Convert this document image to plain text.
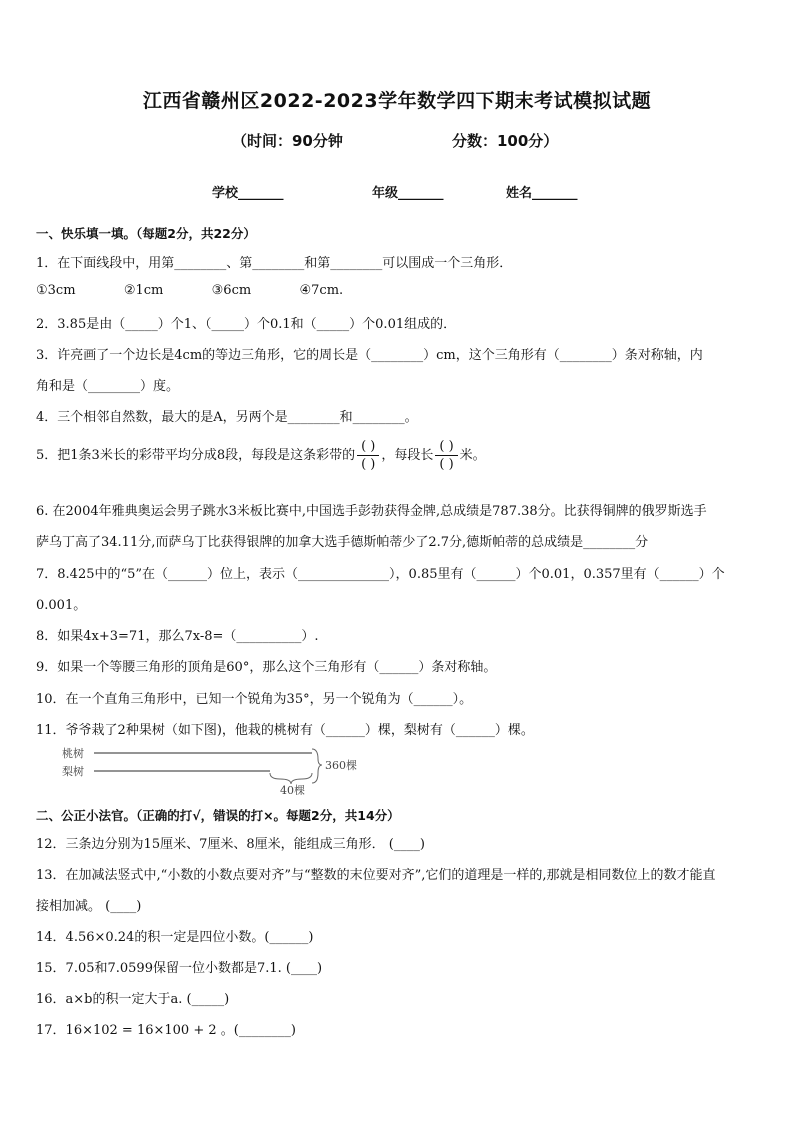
江西省赣州区2022-2023学年数学四下期末考试模拟试题
（时间：90分钟	分数：100分）
学校_______	年级_______	姓名_______
一、快乐填一填。（每题2分，共22分）
1．在下面线段中，用第________、第________和第________可以围成一个三角形．
①3cm	②1cm	③6cm	④7cm.
2．3.85是由（_____）个1、（_____）个0.1和（_____）个0.01组成的．
3．许亮画了一个边长是4cm的等边三角形，它的周长是（________）cm，这个三角形有（________）条对称轴，内
角和是（________）度。
4．三个相邻自然数，最大的是A，另两个是________和________。
5．把1条3米长的彩带平均分成8段，每段是这条彩带的 $\frac{( )}{( )}$ ，每段长 $\frac{( )}{( )}$ 米。
6. 在2004年雅典奥运会男子跳水3米板比赛中,中国选手彭勃获得金牌,总成绩是787.38分。比获得铜牌的俄罗斯选手
萨乌丁高了34.11分,而萨乌丁比获得银牌的加拿大选手德斯帕蒂少了2.7分,德斯帕蒂的总成绩是________分
7．8.425中的“5”在（______）位上，表示（______________），0.85里有（______）个0.01，0.357里有（______）个
0.001。
8．如果4x+3=71，那么7x-8=（__________）.
9．如果一个等腰三角形的顶角是60°，那么这个三角形有（______）条对称轴。
10．在一个直角三角形中，已知一个锐角为35°，另一个锐角为（______）。
11．爷爷栽了2种果树（如下图)，他栽的桃树有（______）棵，梨树有（______）棵。
桃树
梨树	360棵
40棵
二、公正小法官。（正确的打√，错误的打×。每题2分，共14分）
12．三条边分别为15厘米、7厘米、8厘米，能组成三角形． (____)
13．在加减法竖式中,“小数的小数点要对齐”与“整数的末位要对齐”,它们的道理是一样的,那就是相同数位上的数才能直
接相加减。 (____)
14．4.56×0.24的积一定是四位小数。(______)
15．7.05和7.0599保留一位小数都是7.1. (____)
16．a×b的积一定大于a. (_____)
17．16×102 = 16×100 + 2 。(________)
